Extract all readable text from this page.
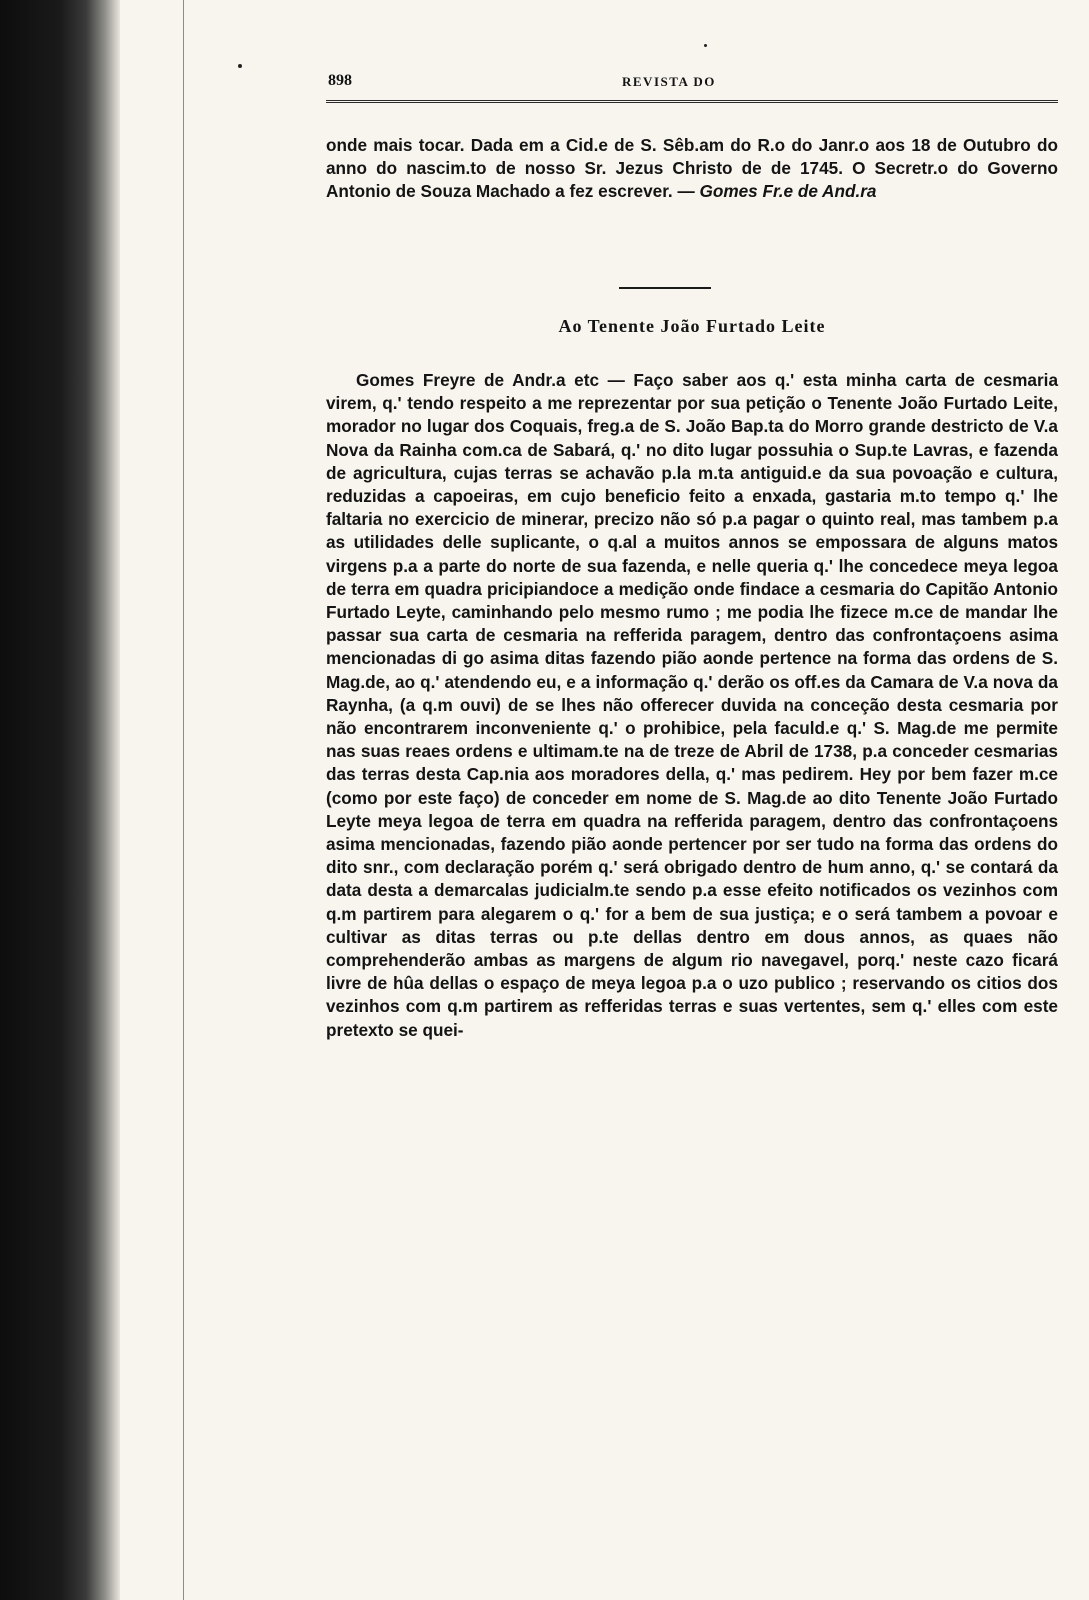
898	REVISTA DO

onde mais tocar. Dada em a Cid.e de S. Sêb.am do R.o do Janr.o aos 18 de Outubro do anno do nascim.to de nosso Sr. Jezus Christo de de 1745. O Secretr.o do Governo Antonio de Souza Machado a fez escrever. — Gomes Fr.e de And.ra

Ao Tenente João Furtado Leite

Gomes Freyre de Andr.a etc — Faço saber aos q.' esta minha carta de cesmaria virem, q.' tendo respeito a me reprezentar por sua petição o Tenente João Furtado Leite, morador no lugar dos Coquais, freg.a de S. João Bap.ta do Morro grande destricto de V.a Nova da Rainha com.ca de Sabará, q.' no dito lugar possuhia o Sup.te Lavras, e fazenda de agricultura, cujas terras se achavão p.la m.ta antiguid.e da sua povoação e cultura, reduzidas a capoeiras, em cujo beneficio feito a enxada, gastaria m.to tempo q.' lhe faltaria no exercicio de minerar, precizo não só p.a pagar o quinto real, mas tambem p.a as utilidades delle suplicante, o q.al a muitos annos se empossara de alguns matos virgens p.a a parte do norte de sua fazenda, e nelle queria q.' lhe concedece meya legoa de terra em quadra pricipiandoce a medição onde findace a cesmaria do Capitão Antonio Furtado Leyte, caminhando pelo mesmo rumo ; me podia lhe fizece m.ce de mandar lhe passar sua carta de cesmaria na refferida paragem, dentro das confrontaçoens asima mencionadas di go asima ditas fazendo pião aonde pertence na forma das ordens de S. Mag.de, ao q.' atendendo eu, e a informação q.' derão os off.es da Camara de V.a nova da Raynha, (a q.m ouvi) de se lhes não offerecer duvida na conceção desta cesmaria por não encontrarem inconveniente q.' o prohibice, pela faculd.e q.' S. Mag.de me permite nas suas reaes ordens e ultimam.te na de treze de Abril de 1738, p.a conceder cesmarias das terras desta Cap.nia aos moradores della, q.' mas pedirem. Hey por bem fazer m.ce (como por este faço) de conceder em nome de S. Mag.de ao dito Tenente João Furtado Leyte meya legoa de terra em quadra na refferida paragem, dentro das confrontaçoens asima mencionadas, fazendo pião aonde pertencer por ser tudo na forma das ordens do dito snr., com declaração porém q.' será obrigado dentro de hum anno, q.' se contará da data desta a demarcalas judicialm.te sendo p.a esse efeito notificados os vezinhos com q.m partirem para alegarem o q.' for a bem de sua justiça; e o será tambem a povoar e cultivar as ditas terras ou p.te dellas dentro em dous annos, as quaes não comprehenderão ambas as margens de algum rio navegavel, porq.' neste cazo ficará livre de hûa dellas o espaço de meya legoa p.a o uzo publico ; reservando os citios dos vezinhos com q.m partirem as refferidas terras e suas vertentes, sem q.' elles com este pretexto se quei-
